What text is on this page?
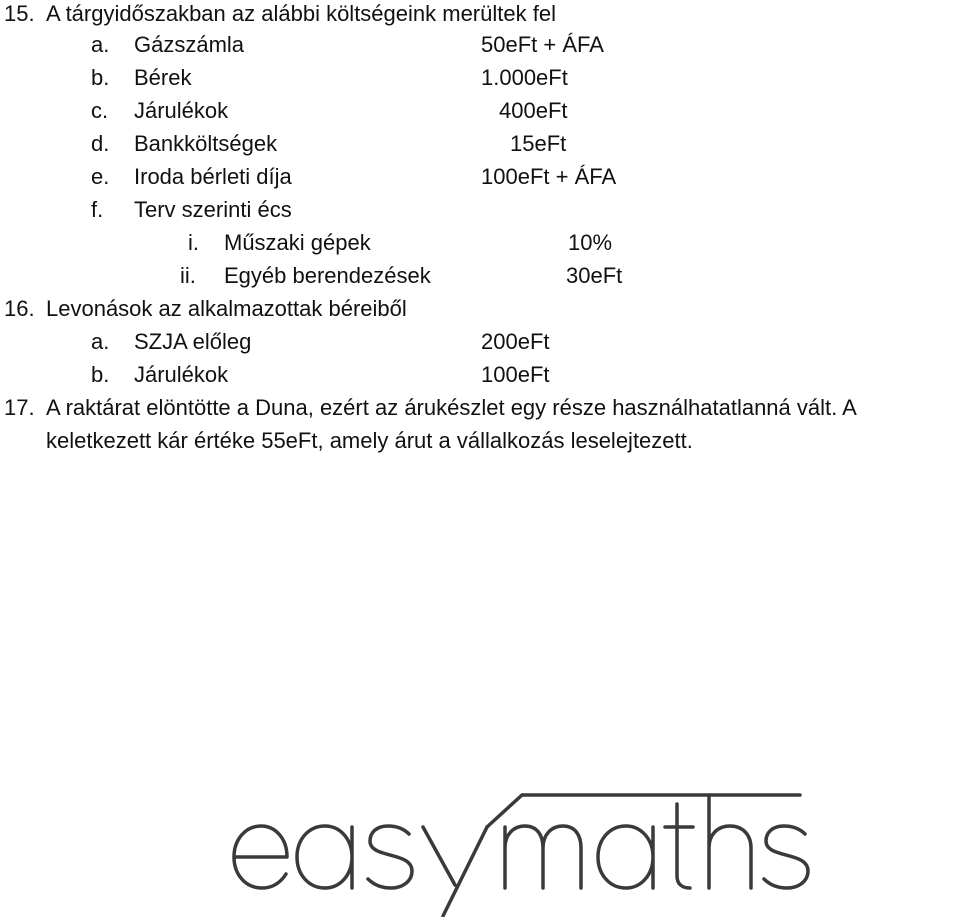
15. A tárgyidőszakban az alábbi költségeink merültek fel
a. Gázszámla	50eFt + ÁFA
b. Bérek	1.000eFt
c. Járulékok	400eFt
d. Bankköltségek	15eFt
e. Iroda bérleti díja	100eFt + ÁFA
f. Terv szerinti écs
i. Műszaki gépek	10%
ii. Egyéb berendezések	30eFt
16. Levonások az alkalmazottak béreiből
a. SZJA előleg	200eFt
b. Járulékok	100eFt
17. A raktárat elöntötte a Duna, ezért az árukészlet egy része használhatatlanná vált. A
keletkezett kár értéke 55eFt, amely árut a vállalkozás leselejtezett.
